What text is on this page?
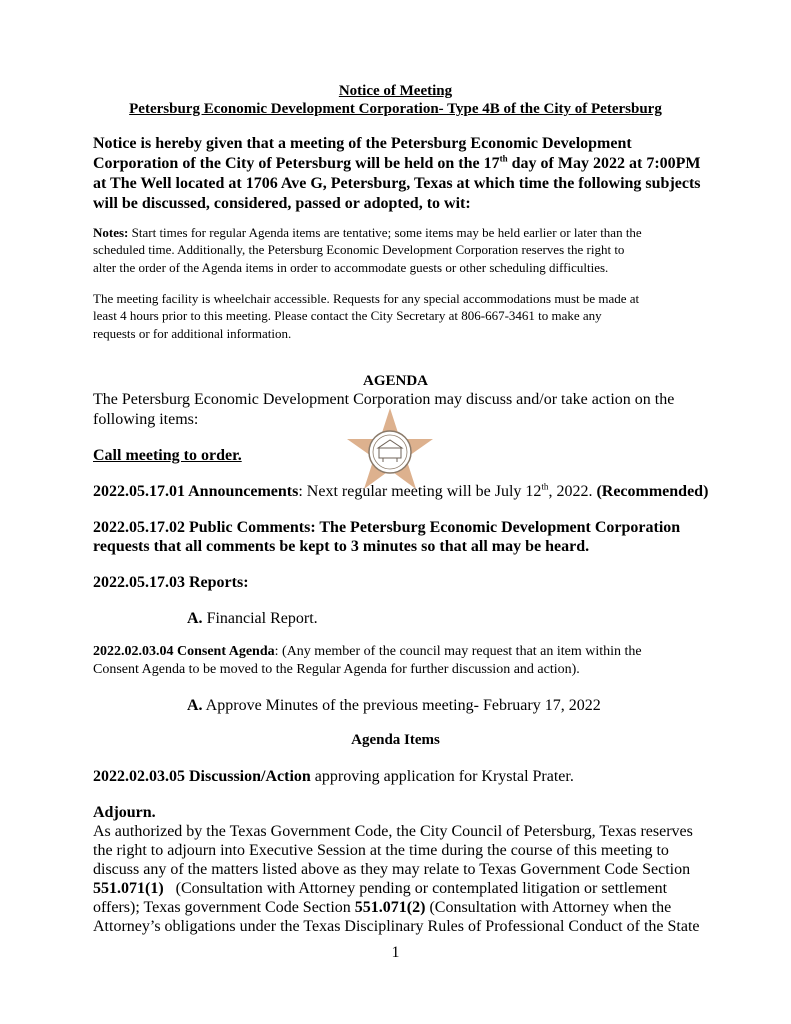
Notice of Meeting

Petersburg Economic Development Corporation- Type 4B of the City of Petersburg

Notice is hereby given that a meeting of the Petersburg Economic Development

Corporation of the City of Petersburg will be held on the 17th day of May 2022 at 7:00PM

at The Well located at 1706 Ave G, Petersburg, Texas at which time the following subjects

will be discussed, considered, passed or adopted, to wit:

Notes: Start times for regular Agenda items are tentative; some items may be held earlier or later than the

scheduled time. Additionally, the Petersburg Economic Development Corporation reserves the right to

alter the order of the Agenda items in order to accommodate guests or other scheduling difficulties.

The meeting facility is wheelchair accessible. Requests for any special accommodations must be made at

least 4 hours prior to this meeting. Please contact the City Secretary at 806-667-3461 to make any

requests or for additional information.

AGENDA

The Petersburg Economic Development Corporation may discuss and/or take action on the

following items:

Call meeting to order.

2022.05.17.01 Announcements: Next regular meeting will be July 12th, 2022. (Recommended)

2022.05.17.02 Public Comments: The Petersburg Economic Development Corporation

requests that all comments be kept to 3 minutes so that all may be heard.

2022.05.17.03 Reports:

A. Financial Report.

2022.02.03.04 Consent Agenda: (Any member of the council may request that an item within the

Consent Agenda to be moved to the Regular Agenda for further discussion and action).

A. Approve Minutes of the previous meeting- February 17, 2022

Agenda Items

2022.02.03.05 Discussion/Action approving application for Krystal Prater.

Adjourn.

As authorized by the Texas Government Code, the City Council of Petersburg, Texas reserves

the right to adjourn into Executive Session at the time during the course of this meeting to

discuss any of the matters listed above as they may relate to Texas Government Code Section

551.071(1)   (Consultation with Attorney pending or contemplated litigation or settlement

offers); Texas government Code Section 551.071(2) (Consultation with Attorney when the

Attorney’s obligations under the Texas Disciplinary Rules of Professional Conduct of the State

1
